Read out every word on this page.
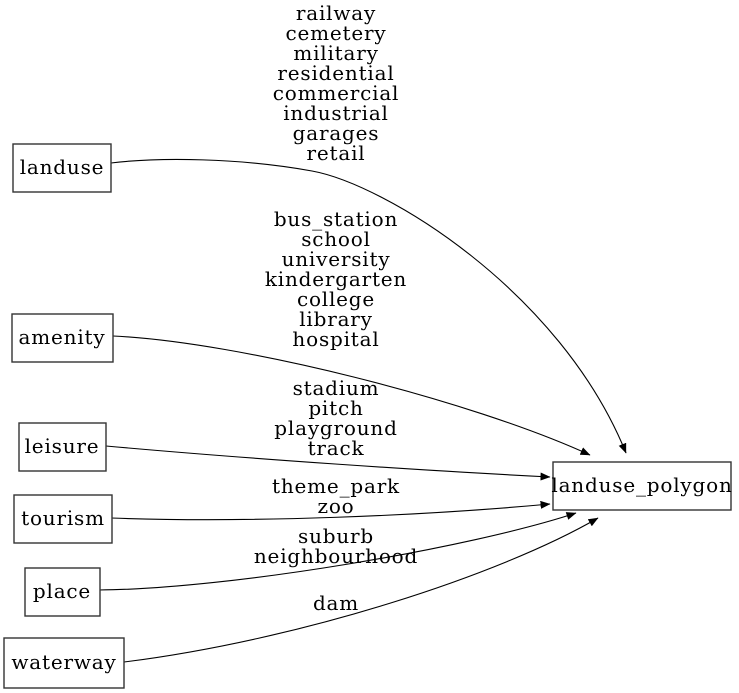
railway
cemetery
military
residential
commercial
industrial
garages
retail
bus_station
school
university
kindergarten
college
library
hospital
stadium
pitch
playground
track
theme_park
zoo
suburb
neighbourhood
dam
landuse
amenity
leisure
tourism
place
waterway
landuse_polygon
